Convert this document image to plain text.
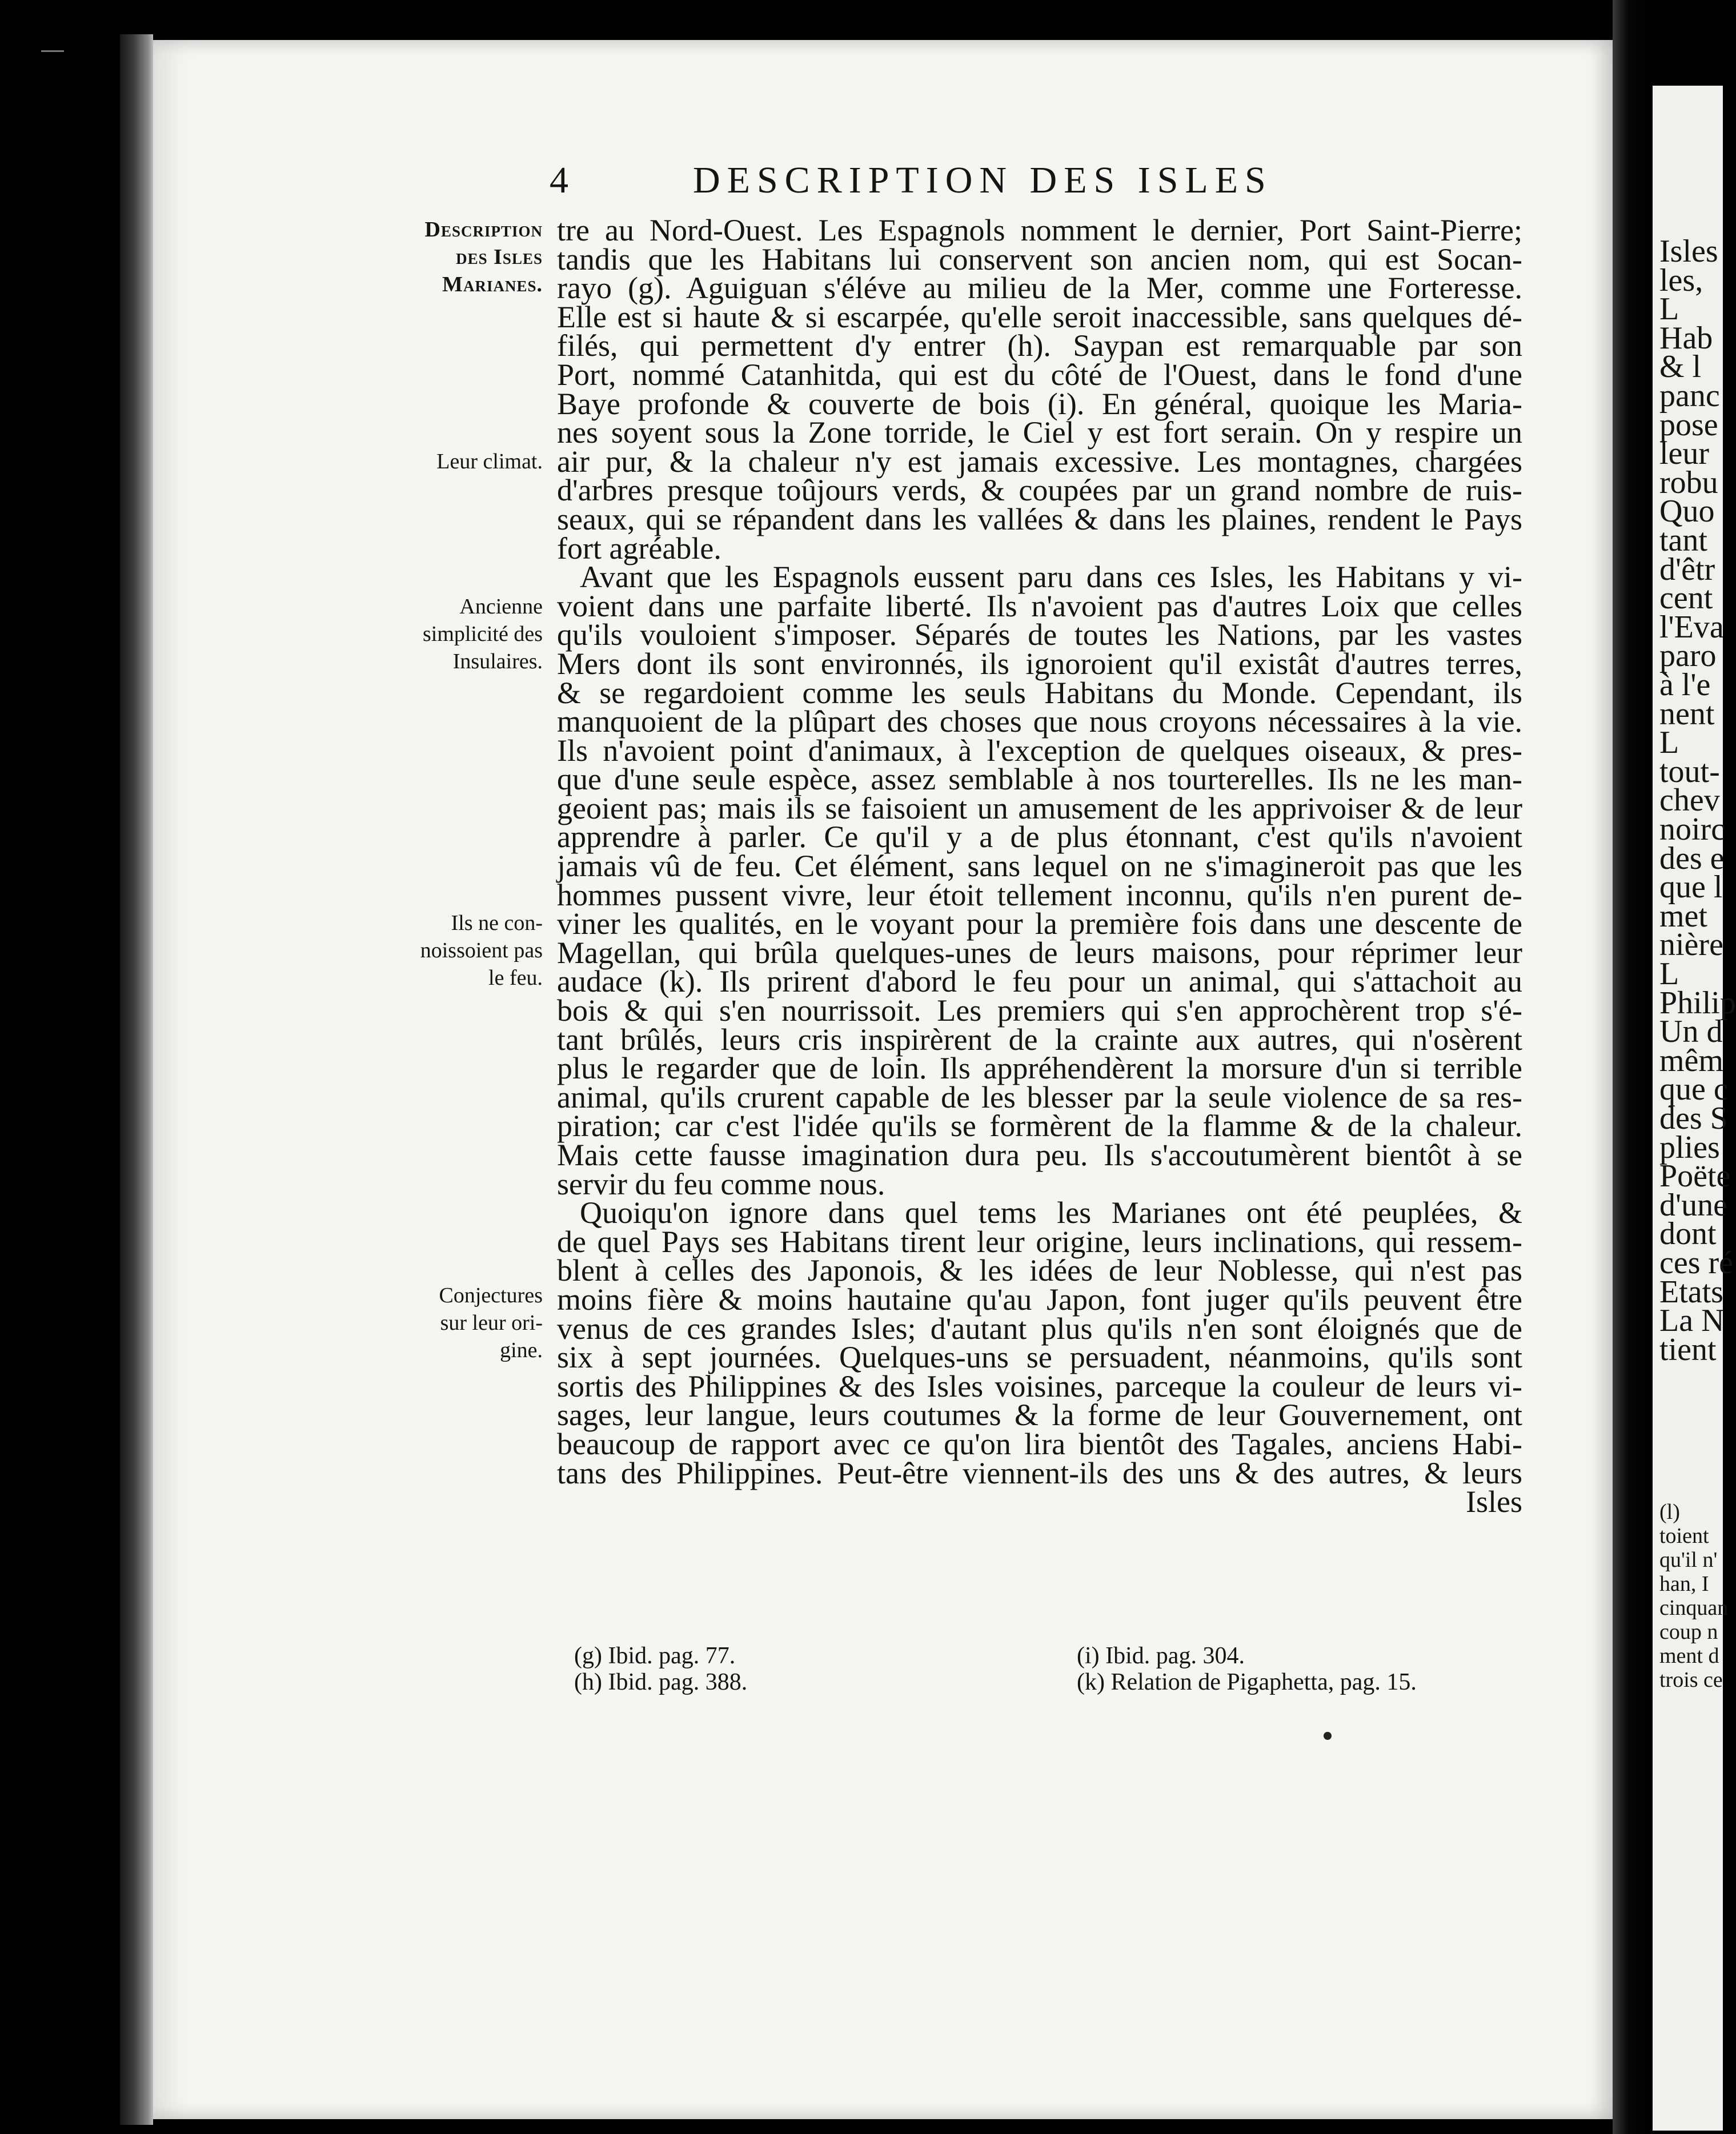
4	DESCRIPTION DES ISLES
Description
des Isles
Marianes.
Leur climat.
Ancienne
simplicité des
Insulaires.
Ils ne con-
noissoient pas
le feu.
Conjectures
sur leur ori-
gine.
tre au Nord-Ouest. Les Espagnols nomment le dernier, Port Saint-Pierre;
tandis que les Habitans lui conservent son ancien nom, qui est Socan-
rayo (g). Aguiguan s'éléve au milieu de la Mer, comme une Forteresse.
Elle est si haute & si escarpée, qu'elle seroit inaccessible, sans quelques dé-
filés, qui permettent d'y entrer (h). Saypan est remarquable par son
Port, nommé Catanhitda, qui est du côté de l'Ouest, dans le fond d'une
Baye profonde & couverte de bois (i). En général, quoique les Maria-
nes soyent sous la Zone torride, le Ciel y est fort serain. On y respire un
air pur, & la chaleur n'y est jamais excessive. Les montagnes, chargées
d'arbres presque toûjours verds, & coupées par un grand nombre de ruis-
seaux, qui se répandent dans les vallées & dans les plaines, rendent le Pays
fort agréable.
Avant que les Espagnols eussent paru dans ces Isles, les Habitans y vi-
voient dans une parfaite liberté. Ils n'avoient pas d'autres Loix que celles
qu'ils vouloient s'imposer. Séparés de toutes les Nations, par les vastes
Mers dont ils sont environnés, ils ignoroient qu'il existât d'autres terres,
& se regardoient comme les seuls Habitans du Monde. Cependant, ils
manquoient de la plûpart des choses que nous croyons nécessaires à la vie.
Ils n'avoient point d'animaux, à l'exception de quelques oiseaux, & pres-
que d'une seule espèce, assez semblable à nos tourterelles. Ils ne les man-
geoient pas; mais ils se faisoient un amusement de les apprivoiser & de leur
apprendre à parler. Ce qu'il y a de plus étonnant, c'est qu'ils n'avoient
jamais vû de feu. Cet élément, sans lequel on ne s'imagineroit pas que les
hommes pussent vivre, leur étoit tellement inconnu, qu'ils n'en purent de-
viner les qualités, en le voyant pour la première fois dans une descente de
Magellan, qui brûla quelques-unes de leurs maisons, pour réprimer leur
audace (k). Ils prirent d'abord le feu pour un animal, qui s'attachoit au
bois & qui s'en nourrissoit. Les premiers qui s'en approchèrent trop s'é-
tant brûlés, leurs cris inspirèrent de la crainte aux autres, qui n'osèrent
plus le regarder que de loin. Ils appréhendèrent la morsure d'un si terrible
animal, qu'ils crurent capable de les blesser par la seule violence de sa res-
piration; car c'est l'idée qu'ils se formèrent de la flamme & de la chaleur.
Mais cette fausse imagination dura peu. Ils s'accoutumèrent bientôt à se
servir du feu comme nous.
Quoiqu'on ignore dans quel tems les Marianes ont été peuplées, &
de quel Pays ses Habitans tirent leur origine, leurs inclinations, qui ressem-
blent à celles des Japonois, & les idées de leur Noblesse, qui n'est pas
moins fière & moins hautaine qu'au Japon, font juger qu'ils peuvent être
venus de ces grandes Isles; d'autant plus qu'ils n'en sont éloignés que de
six à sept journées. Quelques-uns se persuadent, néanmoins, qu'ils sont
sortis des Philippines & des Isles voisines, parceque la couleur de leurs vi-
sages, leur langue, leurs coutumes & la forme de leur Gouvernement, ont
beaucoup de rapport avec ce qu'on lira bientôt des Tagales, anciens Habi-
tans des Philippines. Peut-être viennent-ils des uns & des autres, & leurs
Isles
(g) Ibid. pag. 77.
(h) Ibid. pag. 388.
(i) Ibid. pag. 304.
(k) Relation de Pigaphetta, pag. 15.
Isles
les,
L
Hab
& l
panc
pose
leur
robu
Quo
tant
d'êtr
cent
l'Eva
paro
à l'e
nent
L
tout-
chev
noirc
des e
que l
met
nière
L
Philip
Un d
mêm
que c
des S
plies
Poëte
d'une
dont
ces ré
Etats
La N
tient
(l)
toient
qu'il n'
han, I
cinquan
coup n
ment d
trois ce
